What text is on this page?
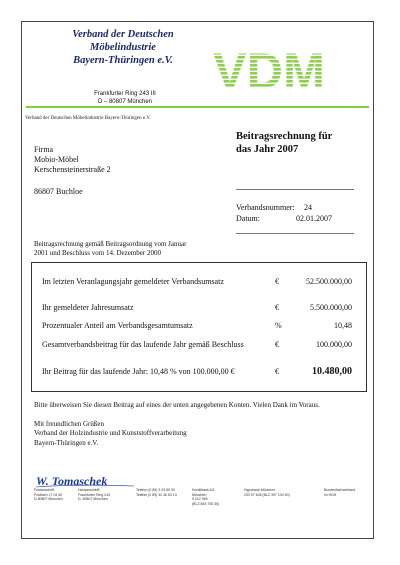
Verband der Deutschen
Möbelindustrie
Bayern-Thüringen e.V.
Frankfurter Ring 243 III
D – 80807 München
VDM
Verband der Deutschen Möbelindustrie Bayern-Thüringen e.V.
Firma
Mobio-Möbel
Kerschensteinerstraße 2
86807 Buchloe
Beitragsrechnung für
das Jahr 2007
Verbandsnummer: 24
Datum:	02.01.2007
Beitragsrechnung gemäß Beitragsordnung vom Januar
2001 und Beschluss vom 14. Dezember 2000
Im letzten Veranlagungsjahr gemeldeter Verbandsumsatz	€	52.500.000,00
Ihr gemeldeter Jahresumsatz	€	5.500.000,00
Prozentualer Anteil am Verbandsgesamtumsatz	%	10,48
Gesamtverbandsbeitrag für das laufende Jahr gemäß Beschluss	€	100.000,00
Ihr Beitrag für das laufende Jahr: 10,48 % von 100.000,00 €	€	10.480,00
Bitte überweisen Sie diesen Beitrag auf eines der unten angegebenen Konten. Vielen Dank im Voraus.
Mit freundlichen Grüßen
Verband der Holzindustrie und Kunststoffverarbeitung
Bayern-Thüringen e.V.
W. Tomaschek
Postanschrift
Postfach 17 04 60
D-80807 München
Hausanschrift
Frankfurter Ring 243
D- 80807 München
Telefon (0 89) 3 24 65 30
Telefax (0 89) 32 46 53 13
Kreditbank AG
München
9 212 055
(BLZ 845 750 35)
Hypobank München
233 97 608 (BLZ 397 100 50)
Bundesfachverband
im HDH
